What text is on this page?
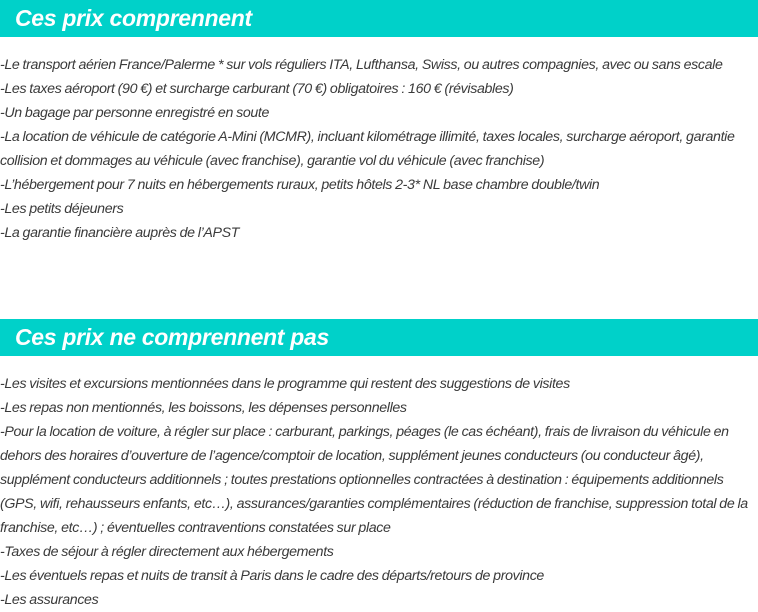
Ces prix comprennent
-Le transport aérien France/Palerme * sur vols réguliers ITA, Lufthansa, Swiss, ou autres compagnies, avec ou sans escale
-Les taxes aéroport (90 €) et surcharge carburant (70 €) obligatoires : 160 € (révisables)
-Un bagage par personne enregistré en soute
-La location de véhicule de catégorie A-Mini (MCMR), incluant kilométrage illimité, taxes locales, surcharge aéroport, garantie collision et dommages au véhicule (avec franchise), garantie vol du véhicule (avec franchise)
-L’hébergement pour 7 nuits en hébergements ruraux, petits hôtels 2-3* NL base chambre double/twin
-Les petits déjeuners
-La garantie financière auprès de l’APST
Ces prix ne comprennent pas
-Les visites et excursions mentionnées dans le programme qui restent des suggestions de visites
-Les repas non mentionnés, les boissons, les dépenses personnelles
-Pour la location de voiture, à régler sur place : carburant, parkings, péages (le cas échéant), frais de livraison du véhicule en dehors des horaires d’ouverture de l’agence/comptoir de location, supplément jeunes conducteurs (ou conducteur âgé), supplément conducteurs additionnels ; toutes prestations optionnelles contractées à destination : équipements additionnels (GPS, wifi, rehausseurs enfants, etc…), assurances/garanties complémentaires (réduction de franchise, suppression total de la franchise, etc…) ; éventuelles contraventions constatées sur place
-Taxes de séjour à régler directement aux hébergements
-Les éventuels repas et nuits de transit à Paris dans le cadre des départs/retours de province
-Les assurances
